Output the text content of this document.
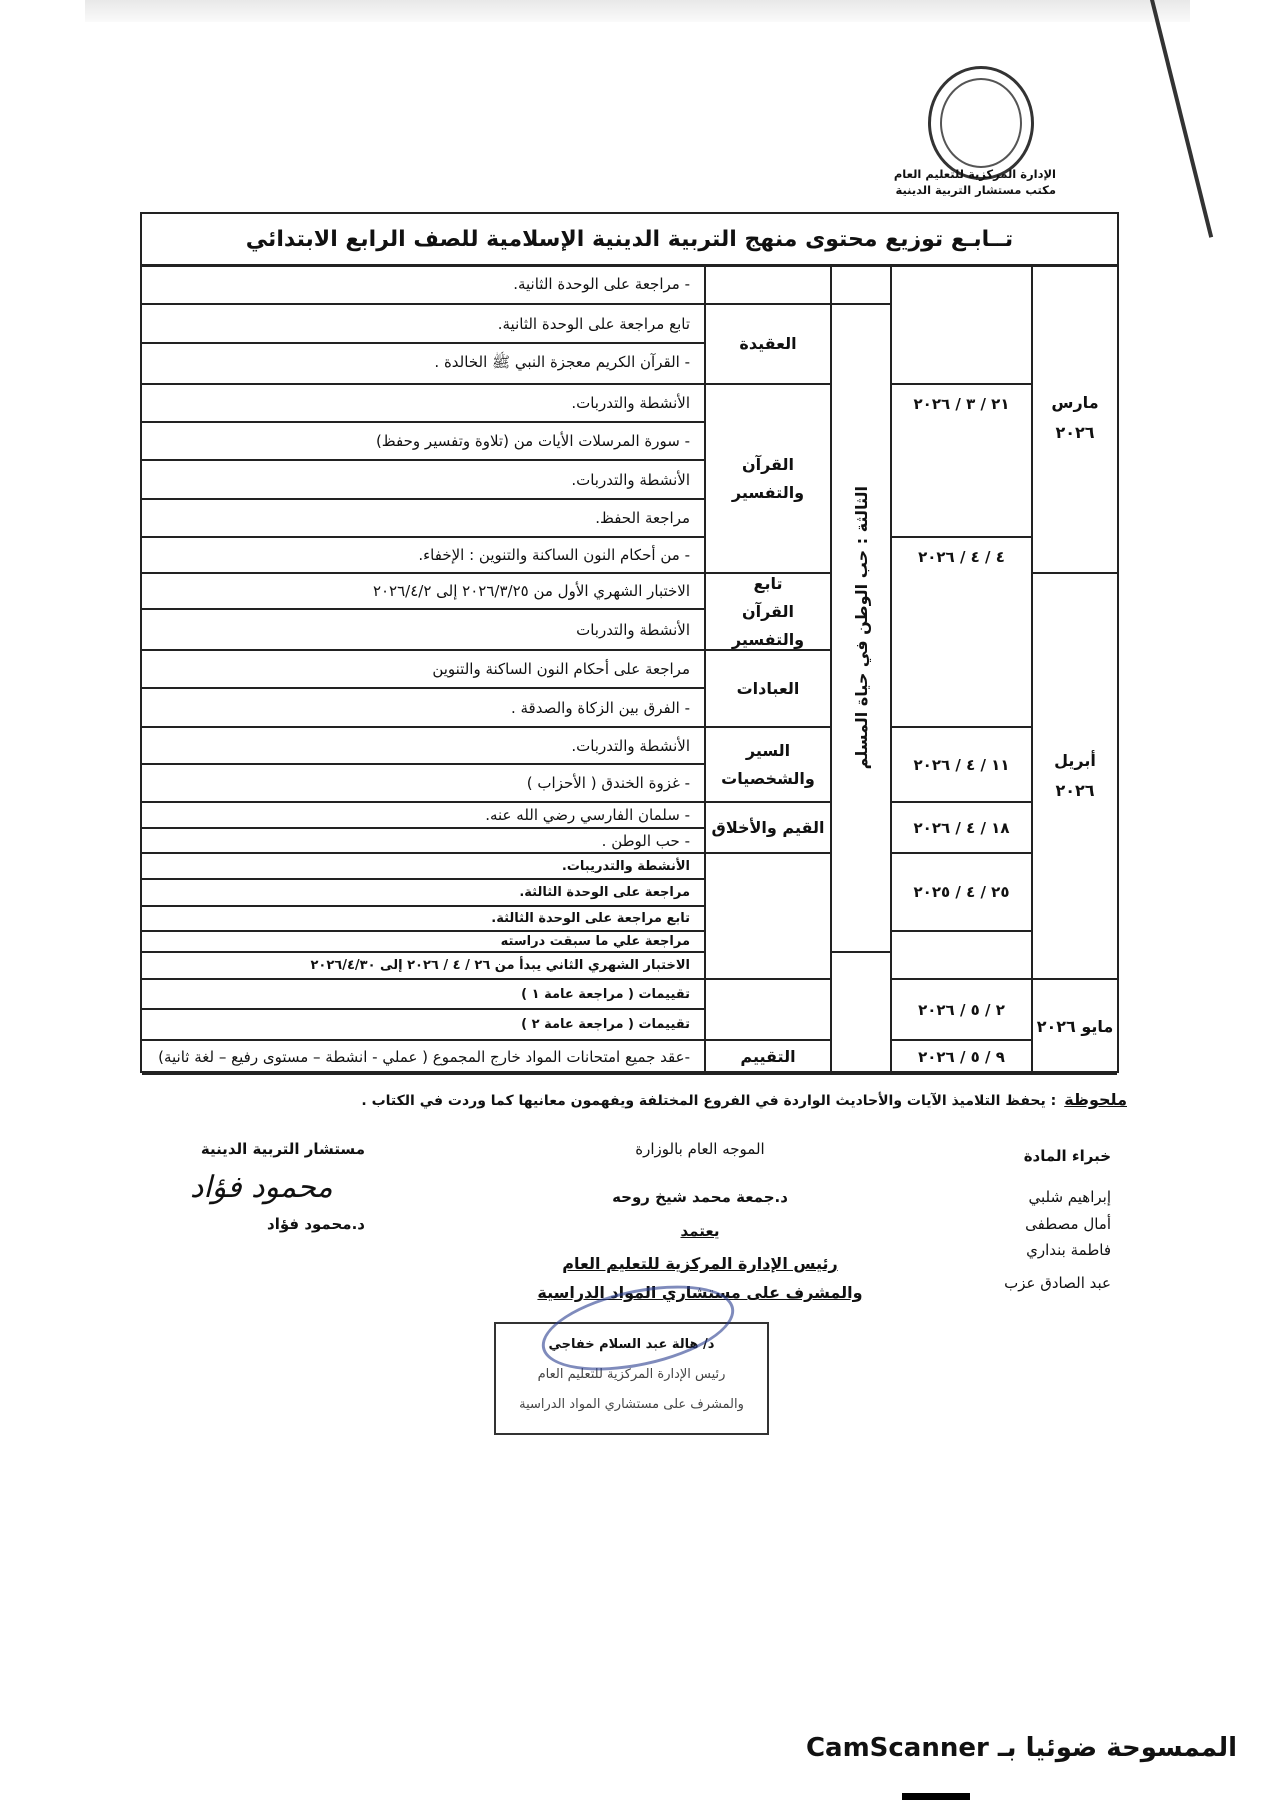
الإدارة المركزية للتعليم العام
مكتب مستشار التربية الدينية
تــابـع توزيع محتوى منهج التربية الدينية الإسلامية للصف الرابع الابتدائي
مارس ٢٠٢٦
أبريل ٢٠٢٦
مايو ٢٠٢٦
٢١ / ٣ / ٢٠٢٦
٤ / ٤ / ٢٠٢٦
١١ / ٤ / ٢٠٢٦
١٨ / ٤ / ٢٠٢٦
٢٥ / ٤ / ٢٠٢٥
٢ / ٥ / ٢٠٢٦
٩ / ٥ / ٢٠٢٦
الثالثة : حب الوطن في حياة المسلم
العقيدة
القرآن والتفسير
تابع القرآن والتفسير
العبادات
السير والشخصيات
القيم والأخلاق
التقييم
- مراجعة على الوحدة الثانية.
تابع مراجعة على الوحدة الثانية.
- القرآن الكريم معجزة النبي ﷺ الخالدة .
الأنشطة والتدربات.
- سورة المرسلات الأيات من (تلاوة وتفسير وحفظ)
الأنشطة والتدربات.
مراجعة الحفظ.
- من أحكام النون الساكنة والتنوين : الإخفاء.
الاختبار الشهري الأول من ٢٠٢٦/٣/٢٥ إلى ٢٠٢٦/٤/٢
الأنشطة والتدربات
مراجعة على أحكام النون الساكنة والتنوين
- الفرق بين الزكاة والصدقة .
الأنشطة والتدربات.
- غزوة الخندق ( الأحزاب )
- سلمان الفارسي رضي الله عنه.
- حب الوطن .
الأنشطة والتدريبات.
مراجعة على الوحدة الثالثة.
تابع مراجعة على الوحدة الثالثة.
مراجعة علي ما سبقت دراسته
الاختبار الشهري الثاني يبدأ من ٢٦ / ٤ / ٢٠٢٦ إلى ٢٠٢٦/٤/٣٠
تقييمات ( مراجعة عامة ١ )
تقييمات ( مراجعة عامة ٢ )
-عقد جميع امتحانات المواد خارج المجموع ( عملي - انشطة – مستوى رفيع – لغة ثانية)
ملحوظة: يحفظ التلاميذ الآيات والأحاديث الواردة في الفروع المختلفة ويفهمون معانيها كما وردت في الكتاب .
خبراء المادة
إبراهيم شلبي
أمال مصطفى
فاطمة بنداري
عبد الصادق عزب
الموجه العام بالوزارة
د.جمعة محمد شيخ روحه
يعتمد
رئيس الإدارة المركزية للتعليم العام
والمشرف على مستشاري المواد الدراسية
د/ هالة عبد السلام خفاجي
رئيس الإدارة المركزية للتعليم العام
والمشرف على مستشاري المواد الدراسية
مستشار التربية الدينية
محمود فؤاد
د.محمود فؤاد
الممسوحة ضوئيا بـ CamScanner
